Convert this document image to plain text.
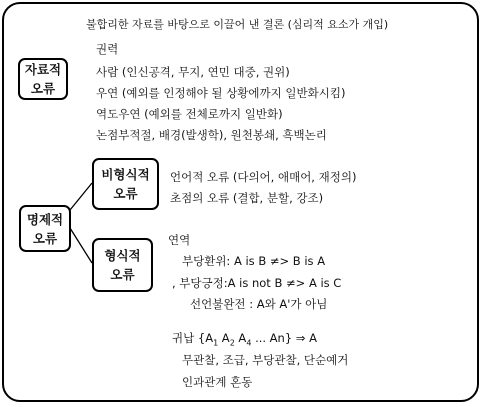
불합리한 자료를 바탕으로 이끌어 낸 결론 (심리적 요소가 개입)
자료적
오류
권력
사람 (인신공격, 무지, 연민 대중, 권위)
우연 (예외를 인정해야 될 상황에까지 일반화시킴)
역도우연 (예외를 전체로까지 일반화)
논점부적절, 배경(발생학), 원천봉쇄, 흑백논리
명제적
오류
비형식적
오류
언어적 오류 (다의어, 애매어, 재정의)
초점의 오류 (결합, 분할, 강조)
형식적
오류
연역
부당환위: A is B ≠> B is A
, 부당긍정:A is not B ≠> A is C
선언불완전 : A와 A'가 아님
귀납 {$A_1$ $A_2$ $A_4$ ... An} ⇒ A
무관찰, 조급, 부당관찰, 단순예거
인과관계 혼동
